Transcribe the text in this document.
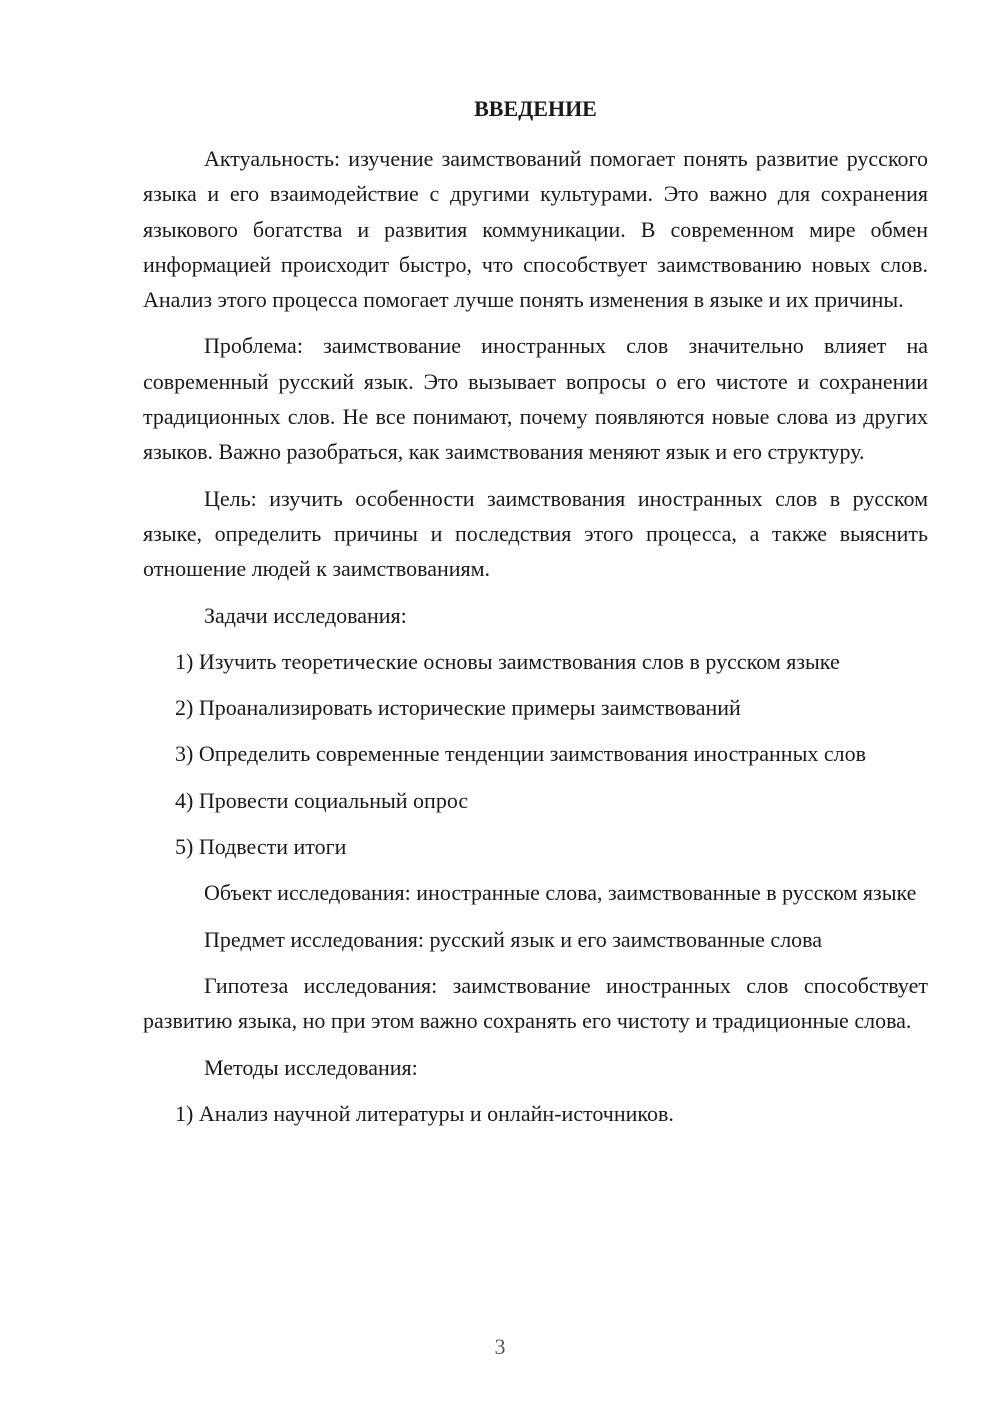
ВВЕДЕНИЕ

Актуальность: изучение заимствований помогает понять развитие русского языка и его взаимодействие с другими культурами. Это важно для сохранения языкового богатства и развития коммуникации. В современном мире обмен информацией происходит быстро, что способствует заимствованию новых слов. Анализ этого процесса помогает лучше понять изменения в языке и их причины.

Проблема: заимствование иностранных слов значительно влияет на современный русский язык. Это вызывает вопросы о его чистоте и сохранении традиционных слов. Не все понимают, почему появляются новые слова из других языков. Важно разобраться, как заимствования меняют язык и его структуру.

Цель: изучить особенности заимствования иностранных слов в русском языке, определить причины и последствия этого процесса, а также выяснить отношение людей к заимствованиям.

Задачи исследования:

1) Изучить теоретические основы заимствования слов в русском языке

2) Проанализировать исторические примеры заимствований

3) Определить современные тенденции заимствования иностранных слов

4) Провести социальный опрос

5) Подвести итоги

Объект исследования: иностранные слова, заимствованные в русском языке

Предмет исследования: русский язык и его заимствованные слова

Гипотеза исследования: заимствование иностранных слов способствует развитию языка, но при этом важно сохранять его чистоту и традиционные слова.

Методы исследования:

1) Анализ научной литературы и онлайн-источников.

3
